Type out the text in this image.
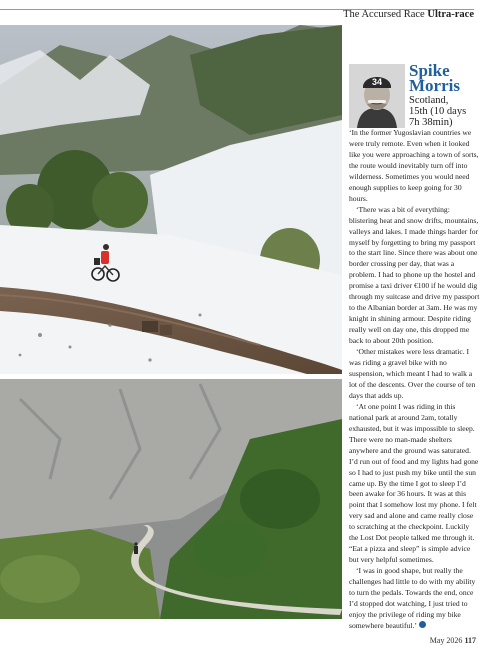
The Accursed Race Ultra-race
34
Spike
Morris
Scotland,
15th (10 days
7h 38min)

‘In the former Yugoslavian countries we were truly remote. Even when it looked like you were approaching a town of sorts, the route would inevitably turn off into wilderness. Sometimes you would need enough supplies to keep going for 30 hours.

‘There was a bit of everything: blistering heat and snow drifts, mountains, valleys and lakes. I made things harder for myself by forgetting to bring my passport to the start line. Since there was about one border crossing per day, that was a problem. I had to phone up the hostel and promise a taxi driver €100 if he would dig through my suitcase and drive my passport to the Albanian border at 3am. He was my knight in shining armour. Despite riding really well on day one, this dropped me back to about 20th position.

‘Other mistakes were less dramatic. I was riding a gravel bike with no suspension, which meant I had to walk a lot of the descents. Over the course of ten days that adds up.

‘At one point I was riding in this national park at around 2am, totally exhausted, but it was impossible to sleep. There were no man-made shelters anywhere and the ground was saturated. I’d run out of food and my lights had gone so I had to just push my bike until the sun came up. By the time I got to sleep I’d been awake for 36 hours. It was at this point that I somehow lost my phone. I felt very sad and alone and came really close to scratching at the checkpoint. Luckily the Lost Dot people talked me through it. “Eat a pizza and sleep” is simple advice but very helpful sometimes.

‘I was in good shape, but really the challenges had little to do with my ability to turn the pedals. Towards the end, once I’d stopped dot watching, I just tried to enjoy the privilege of riding my bike somewhere beautiful.’

May 2026 117
